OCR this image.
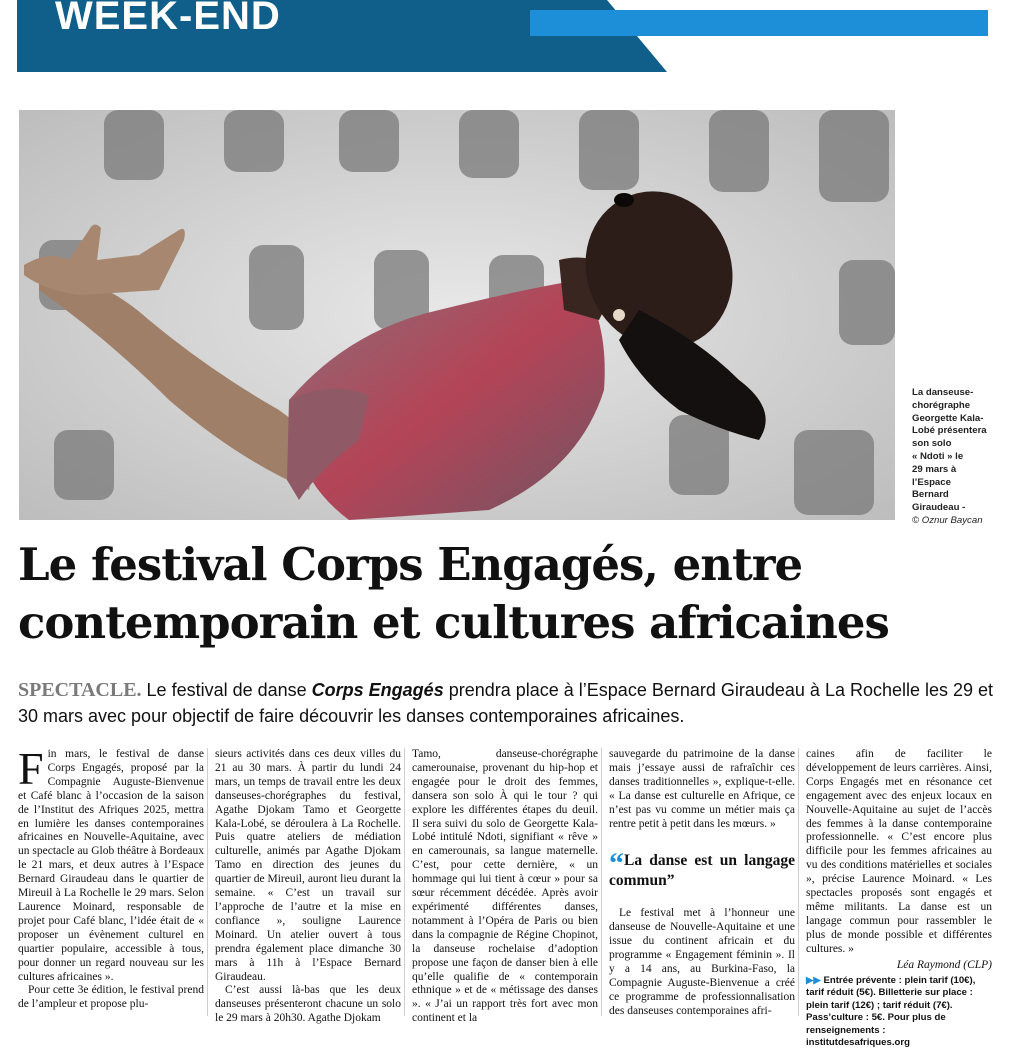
WEEK-END
La danseuse-
chorégraphe
Georgette Kala-
Lobé présentera
son solo
« Ndoti » le
29 mars à
l’Espace
Bernard
Giraudeau -
© Oznur Baycan
Le festival Corps Engagés, entre
contemporain et cultures africaines
SPECTACLE. Le festival de danse Corps Engagés prendra place à l’Espace Bernard Giraudeau à La Rochelle les 29 et 30 mars avec pour objectif de faire découvrir les danses contemporaines africaines.

Fin mars, le festival de danse Corps Engagés, proposé par la Compagnie Auguste-Bienvenue et Café blanc à l’occasion de la saison de l’Institut des Afriques 2025, mettra en lumière les danses contemporaines africaines en Nouvelle-Aquitaine, avec un spectacle au Glob théâtre à Bordeaux le 21 mars, et deux autres à l’Espace Bernard Giraudeau dans le quartier de Mireuil à La Rochelle le 29 mars. Selon Laurence Moinard, responsable de projet pour Café blanc, l’idée était de « proposer un évènement culturel en quartier populaire, accessible à tous, pour donner un regard nouveau sur les cultures africaines ».

Pour cette 3e édition, le festival prend de l’ampleur et propose plu-

sieurs activités dans ces deux villes du 21 au 30 mars. À partir du lundi 24 mars, un temps de travail entre les deux danseuses-chorégraphes du festival, Agathe Djokam Tamo et Georgette Kala-Lobé, se déroulera à La Rochelle. Puis quatre ateliers de médiation culturelle, animés par Agathe Djokam Tamo en direction des jeunes du quartier de Mireuil, auront lieu durant la semaine. « C’est un travail sur l’approche de l’autre et la mise en confiance », souligne Laurence Moinard. Un atelier ouvert à tous prendra également place dimanche 30 mars à 11h à l’Espace Bernard Giraudeau.

C’est aussi là-bas que les deux danseuses présenteront chacune un solo le 29 mars à 20h30. Agathe Djokam

Tamo, danseuse-chorégraphe camerounaise, provenant du hip-hop et engagée pour le droit des femmes, dansera son solo À qui le tour ? qui explore les différentes étapes du deuil. Il sera suivi du solo de Georgette Kala-Lobé intitulé Ndoti, signifiant « rêve » en camerounais, sa langue maternelle. C’est, pour cette dernière, « un hommage qui lui tient à cœur » pour sa sœur récemment décédée. Après avoir expérimenté différentes danses, notamment à l’Opéra de Paris ou bien dans la compagnie de Régine Chopinot, la danseuse rochelaise d’adoption propose une façon de danser bien à elle qu’elle qualifie de « contemporain ethnique » et de « métissage des danses ». « J’ai un rapport très fort avec mon continent et la

sauvegarde du patrimoine de la danse mais j’essaye aussi de rafraîchir ces danses traditionnelles », explique-t-elle. « La danse est culturelle en Afrique, ce n’est pas vu comme un métier mais ça rentre petit à petit dans les mœurs. »

“La danse est un langage commun”

Le festival met à l’honneur une danseuse de Nouvelle-Aquitaine et une issue du continent africain et du programme « Engagement féminin ». Il y a 14 ans, au Burkina-Faso, la Compagnie Auguste-Bienvenue a créé ce programme de professionnalisation des danseuses contemporaines afri-

caines afin de faciliter le développement de leurs carrières. Ainsi, Corps Engagés met en résonance cet engagement avec des enjeux locaux en Nouvelle-Aquitaine au sujet de l’accès des femmes à la danse contemporaine professionnelle. « C’est encore plus difficile pour les femmes africaines au vu des conditions matérielles et sociales », précise Laurence Moinard. « Les spectacles proposés sont engagés et même militants. La danse est un langage commun pour rassembler le plus de monde possible et différentes cultures. »

Léa Raymond (CLP)
▶▶ Entrée prévente : plein tarif (10€), tarif réduit (5€). Billetterie sur place : plein tarif (12€) ; tarif réduit (7€). Pass’culture : 5€. Pour plus de renseignements : institutdesafriques.org
